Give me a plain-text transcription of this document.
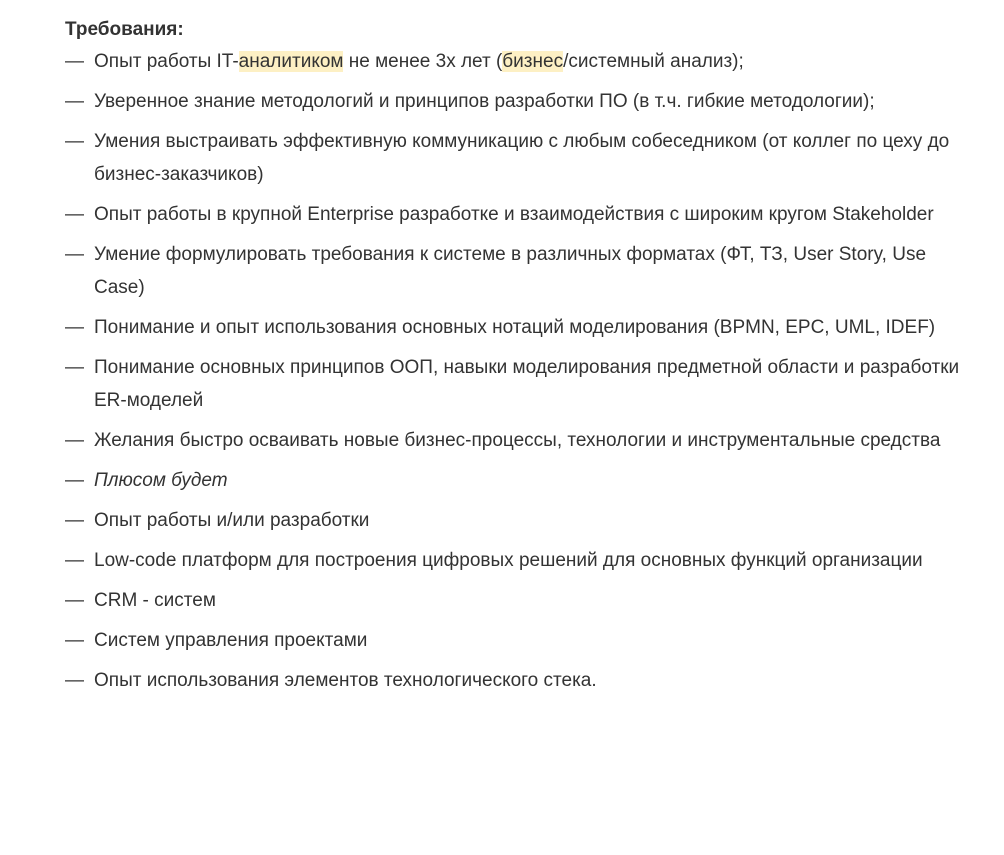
Требования:
— Опыт работы IT-аналитиком не менее 3х лет (бизнес/системный анализ);
— Уверенное знание методологий и принципов разработки ПО (в т.ч. гибкие методологии);
— Умения выстраивать эффективную коммуникацию с любым собеседником (от коллег по цеху до бизнес-заказчиков)
— Опыт работы в крупной Enterprise разработке и взаимодействия с широким кругом Stakeholder
— Умение формулировать требования к системе в различных форматах (ФТ, ТЗ, User Story, Use Case)
— Понимание и опыт использования основных нотаций моделирования (BPMN, EPC, UML, IDEF)
— Понимание основных принципов ООП, навыки моделирования предметной области и разработки ER-моделей
— Желания быстро осваивать новые бизнес-процессы, технологии и инструментальные средства
— Плюсом будет
— Опыт работы и/или разработки
— Low-code платформ для построения цифровых решений для основных функций организации
— CRM - систем
— Систем управления проектами
— Опыт использования элементов технологического стека.
